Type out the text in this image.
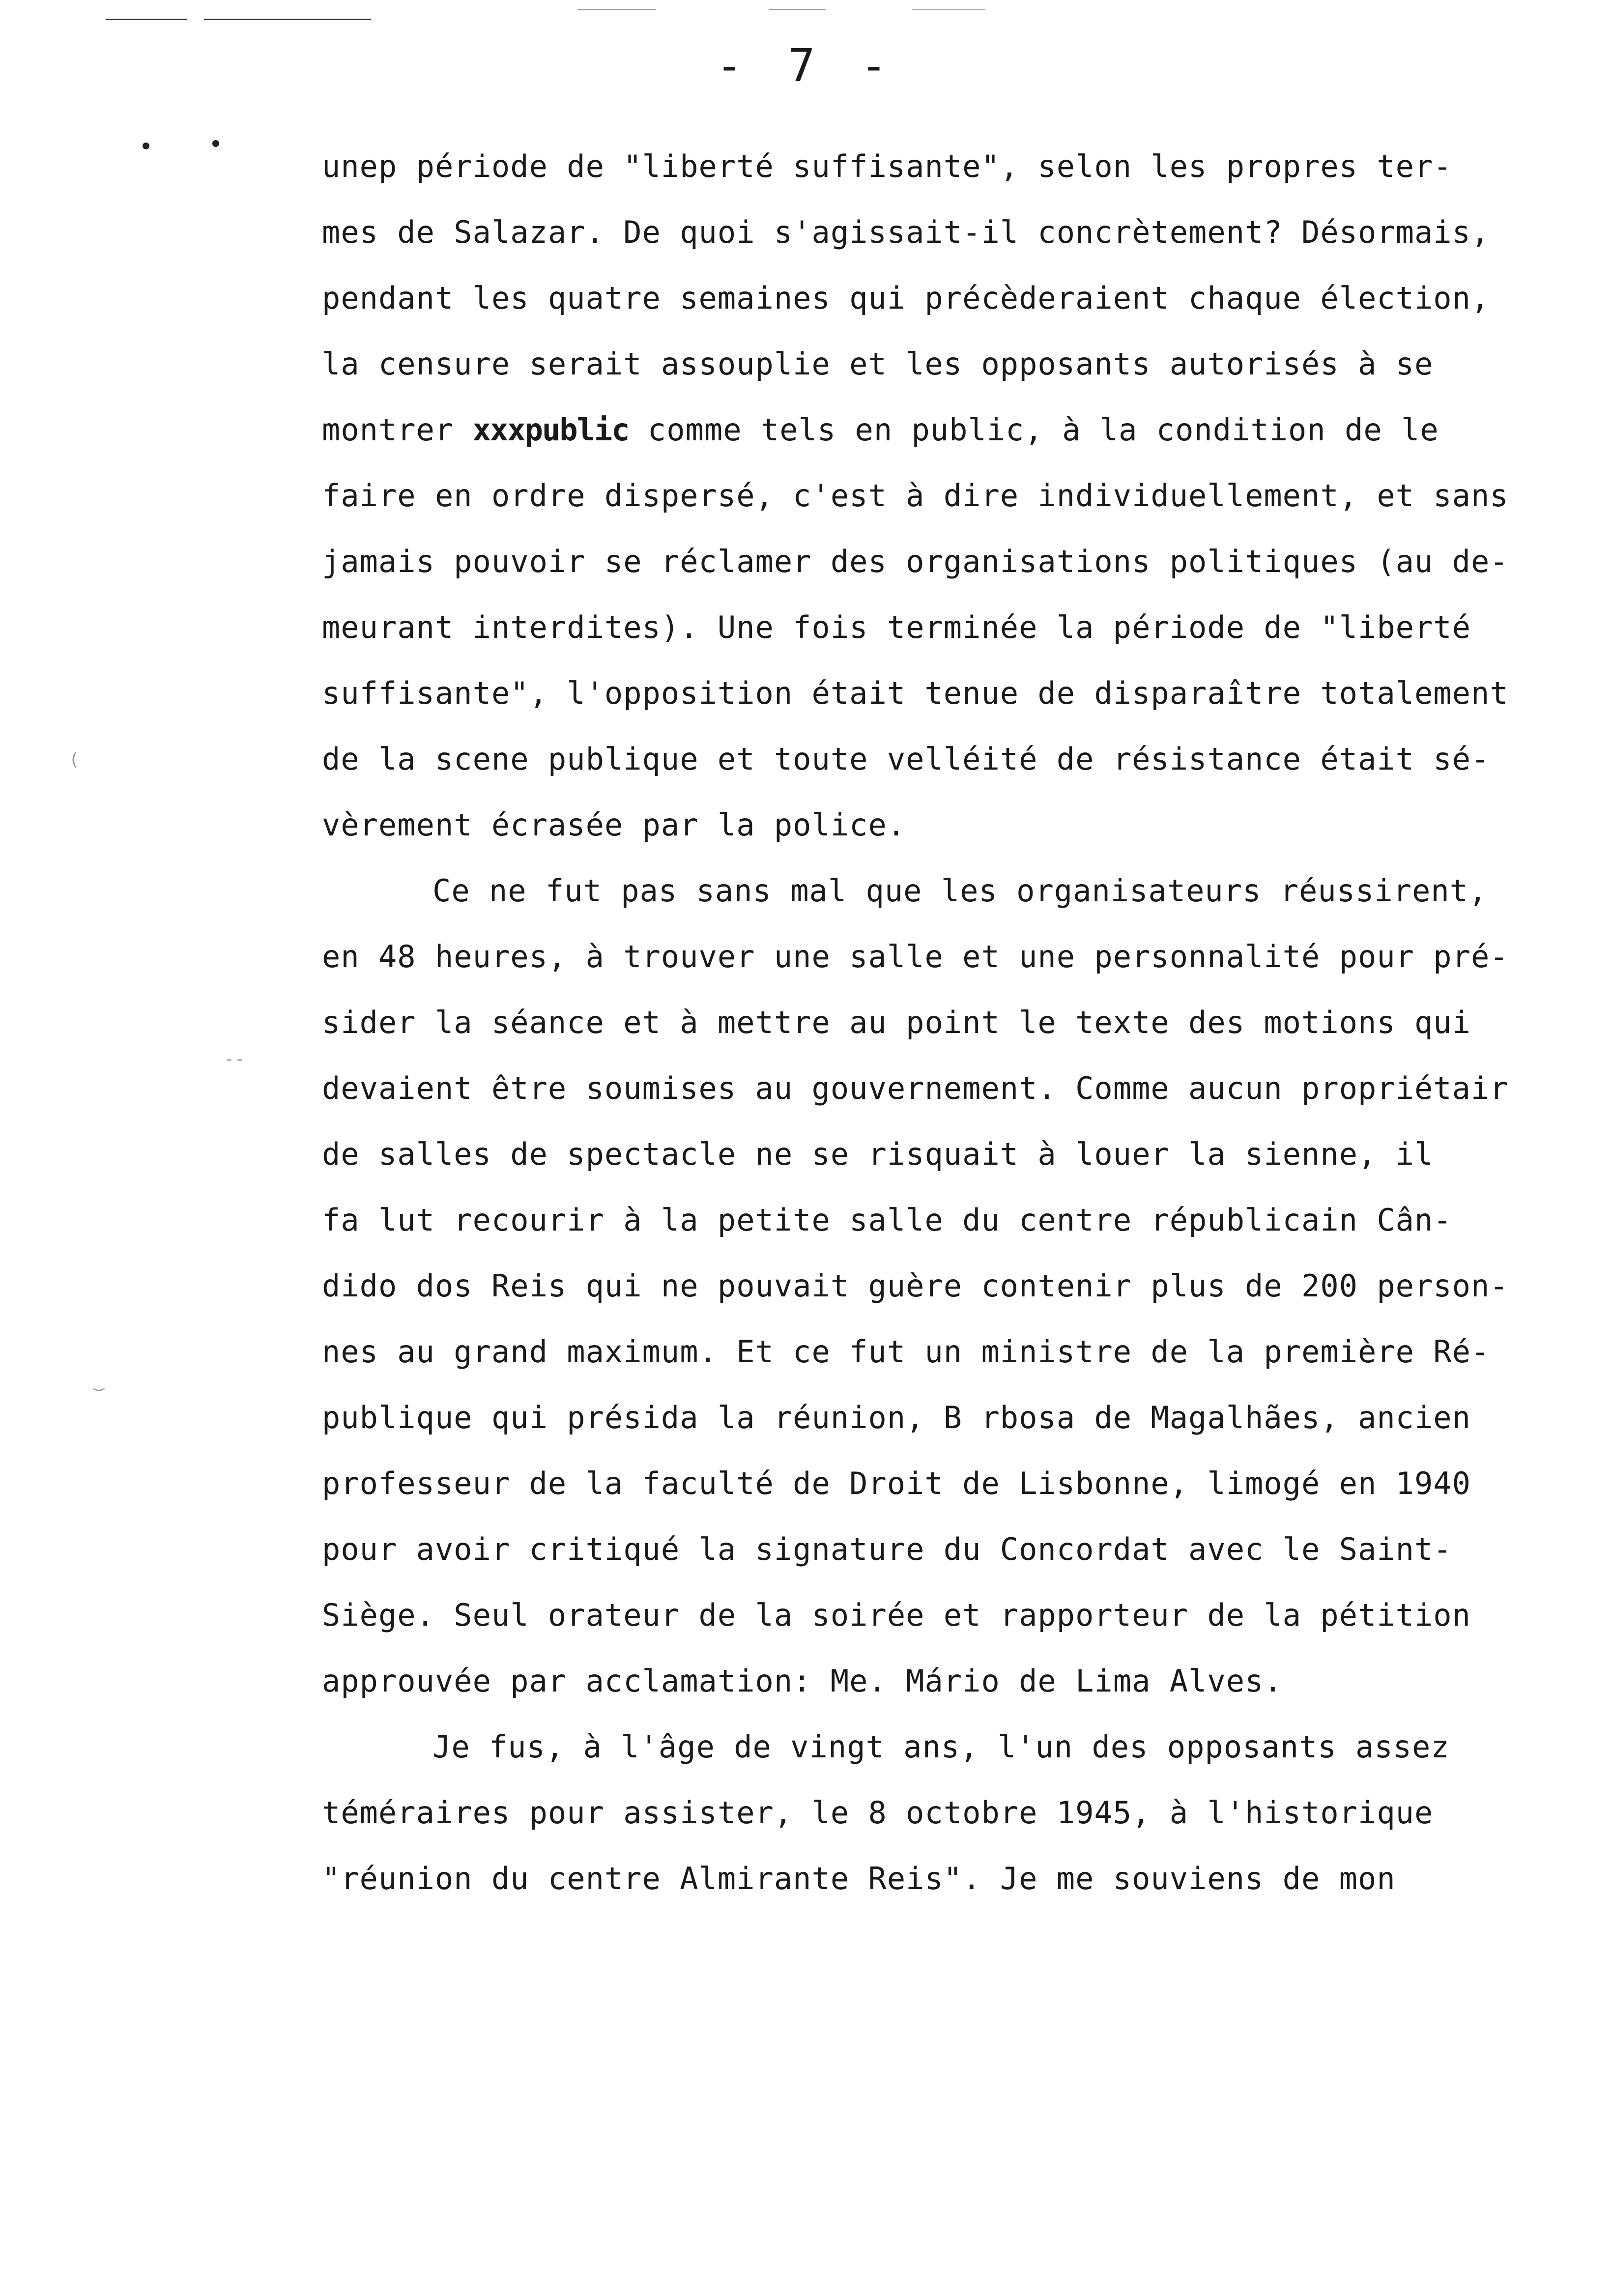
- 7 -
(
--
‿
unep période de "liberté suffisante", selon les propres ter-
mes de Salazar. De quoi s'agissait-il concrètement? Désormais,
pendant les quatre semaines qui précèderaient chaque élection,
la censure serait assouplie et les opposants autorisés à se
montrer xxxpublic comme tels en public, à la condition de le
faire en ordre dispersé, c'est à dire individuellement, et sans
jamais pouvoir se réclamer des organisations politiques (au de-
meurant interdites). Une fois terminée la période de "liberté
suffisante", l'opposition était tenue de disparaître totalement
de la scene publique et toute velléité de résistance était sé-
vèrement écrasée par la police.
Ce ne fut pas sans mal que les organisateurs réussirent,
en 48 heures, à trouver une salle et une personnalité pour pré-
sider la séance et à mettre au point le texte des motions qui
devaient être soumises au gouvernement. Comme aucun propriétair
de salles de spectacle ne se risquait à louer la sienne, il
fa lut recourir à la petite salle du centre républicain Cân-
dido dos Reis qui ne pouvait guère contenir plus de 200 person-
nes au grand maximum. Et ce fut un ministre de la première Ré-
publique qui présida la réunion, B rbosa de Magalhães, ancien
professeur de la faculté de Droit de Lisbonne, limogé en 1940
pour avoir critiqué la signature du Concordat avec le Saint-
Siège. Seul orateur de la soirée et rapporteur de la pétition
approuvée par acclamation: Me. Mário de Lima Alves.
Je fus, à l'âge de vingt ans, l'un des opposants assez
téméraires pour assister, le 8 octobre 1945, à l'historique
"réunion du centre Almirante Reis". Je me souviens de mon
